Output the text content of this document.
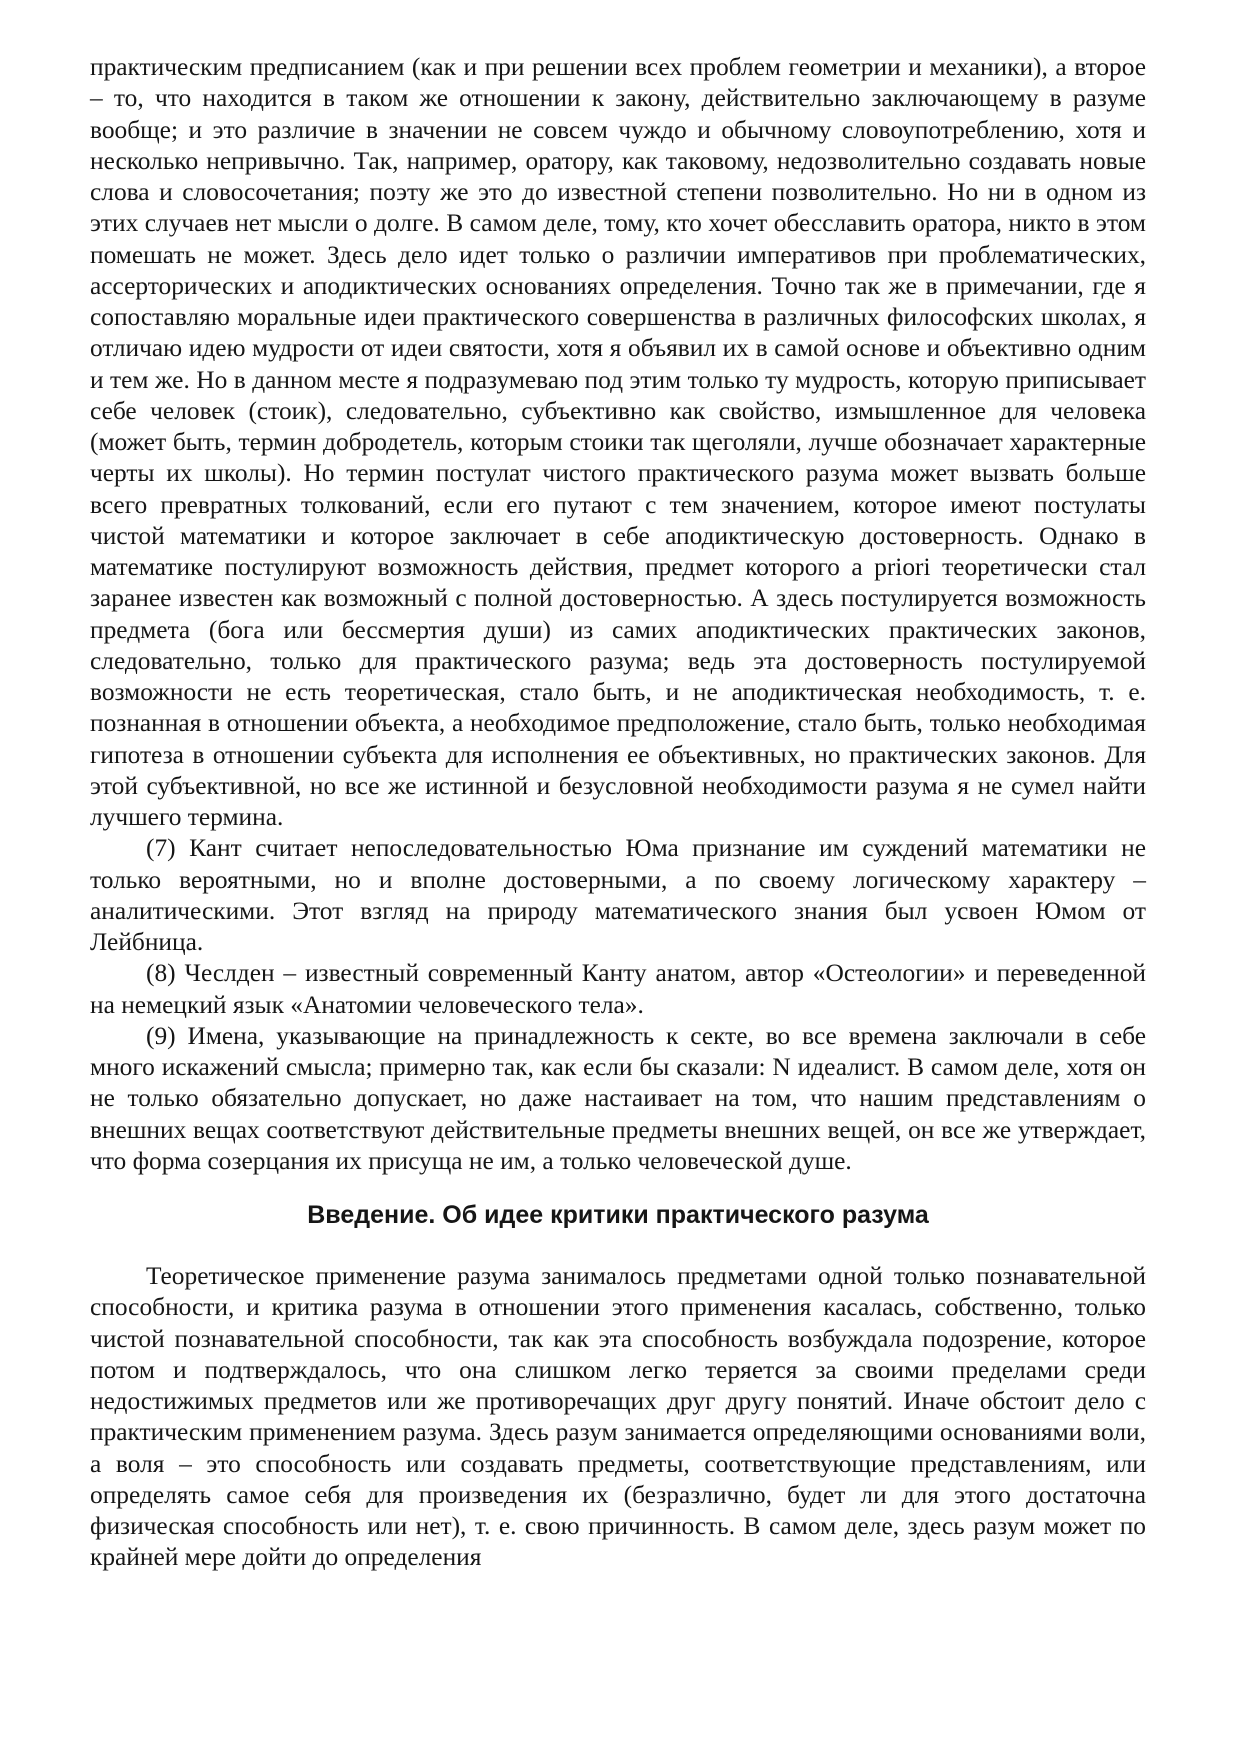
практическим предписанием (как и при решении всех проблем геометрии и механики), а второе – то, что находится в таком же отношении к закону, действительно заключающему в разуме вообще; и это различие в значении не совсем чуждо и обычному словоупотреблению, хотя и несколько непривычно. Так, например, оратору, как таковому, недозволительно создавать новые слова и словосочетания; поэту же это до известной степени позволительно. Но ни в одном из этих случаев нет мысли о долге. В самом деле, тому, кто хочет обесславить оратора, никто в этом помешать не может. Здесь дело идет только о различии императивов при проблематических, ассерторических и аподиктических основаниях определения. Точно так же в примечании, где я сопоставляю моральные идеи практического совершенства в различных философских школах, я отличаю идею мудрости от идеи святости, хотя я объявил их в самой основе и объективно одним и тем же. Но в данном месте я подразумеваю под этим только ту мудрость, которую приписывает себе человек (стоик), следовательно, субъективно как свойство, измышленное для человека (может быть, термин добродетель, которым стоики так щеголяли, лучше обозначает характерные черты их школы). Но термин постулат чистого практического разума может вызвать больше всего превратных толкований, если его путают с тем значением, которое имеют постулаты чистой математики и которое заключает в себе аподиктическую достоверность. Однако в математике постулируют возможность действия, предмет которого a priori теоретически стал заранее известен как возможный с полной достоверностью. А здесь постулируется возможность предмета (бога или бессмертия души) из самих аподиктических практических законов, следовательно, только для практического разума; ведь эта достоверность постулируемой возможности не есть теоретическая, стало быть, и не аподиктическая необходимость, т. е. познанная в отношении объекта, а необходимое предположение, стало быть, только необходимая гипотеза в отношении субъекта для исполнения ее объективных, но практических законов. Для этой субъективной, но все же истинной и безусловной необходимости разума я не сумел найти лучшего термина.

(7) Кант считает непоследовательностью Юма признание им суждений математики не только вероятными, но и вполне достоверными, а по своему логическому характеру – аналитическими. Этот взгляд на природу математического знания был усвоен Юмом от Лейбница.

(8) Чеслден – известный современный Канту анатом, автор «Остеологии» и переведенной на немецкий язык «Анатомии человеческого тела».

(9) Имена, указывающие на принадлежность к секте, во все времена заключали в себе много искажений смысла; примерно так, как если бы сказали: N идеалист. В самом деле, хотя он не только обязательно допускает, но даже настаивает на том, что нашим представлениям о внешних вещах соответствуют действительные предметы внешних вещей, он все же утверждает, что форма созерцания их присуща не им, а только человеческой душе.

Введение. Об идее критики практического разума

Теоретическое применение разума занималось предметами одной только познавательной способности, и критика разума в отношении этого применения касалась, собственно, только чистой познавательной способности, так как эта способность возбуждала подозрение, которое потом и подтверждалось, что она слишком легко теряется за своими пределами среди недостижимых предметов или же противоречащих друг другу понятий. Иначе обстоит дело с практическим применением разума. Здесь разум занимается определяющими основаниями воли, а воля – это способность или создавать предметы, соответствующие представлениям, или определять самое себя для произведения их (безразлично, будет ли для этого достаточна физическая способность или нет), т. е. свою причинность. В самом деле, здесь разум может по крайней мере дойти до определения
